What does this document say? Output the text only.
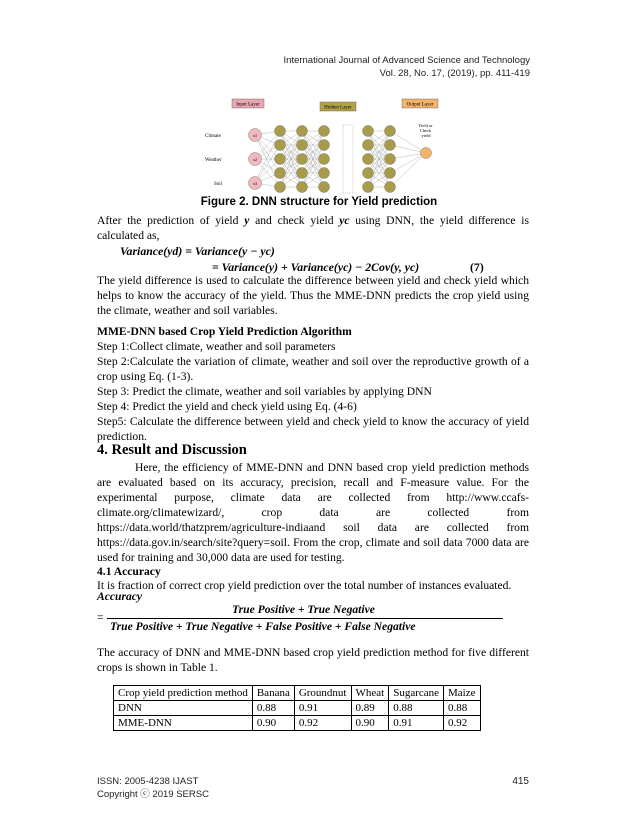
International Journal of Advanced Science and Technology
Vol. 28, No. 17, (2019), pp. 411-419
Input Layer
Hidden Layer
Output Layer
Climate
Weather
Soil
Yield or Check yield
x1
x2
x3
Figure 2. DNN structure for Yield prediction
After the prediction of yield y and check yield yc using DNN, the yield difference is calculated as,
Variance(yd) = Variance(y − yc)
= Variance(y) + Variance(yc) − 2Cov(y, yc)	(7)
The yield difference is used to calculate the difference between yield and check yield which helps to know the accuracy of the yield. Thus the MME-DNN predicts the crop yield using the climate, weather and soil variables.
MME-DNN based Crop Yield Prediction Algorithm
Step 1:Collect climate, weather and soil parameters
Step 2:Calculate the variation of climate, weather and soil over the reproductive growth of a crop using Eq. (1-3).
Step 3: Predict the climate, weather and soil variables by applying DNN
Step 4: Predict the yield and check yield using Eq. (4-6)
Step5: Calculate the difference between yield and check yield to know the accuracy of yield prediction.
4. Result and Discussion
Here, the efficiency of MME-DNN and DNN based crop yield prediction methods are evaluated based on its accuracy, precision, recall and F-measure value. For the experimental purpose, climate data are collected from http://www.ccafs-climate.org/climatewizard/, crop data are collected from https://data.world/thatzprem/agriculture-indiaand soil data are collected from https://data.gov.in/search/site?query=soil. From the crop, climate and soil data 7000 data are used for training and 30,000 data are used for testing.
4.1 Accuracy
It is fraction of correct crop yield prediction over the total number of instances evaluated.
Accuracy
=
True Positive + True Negative
True Positive + True Negative + False Positive + False Negative
The accuracy of DNN and MME-DNN based crop yield prediction method for five different crops is shown in Table 1.
Crop yield prediction method	Banana	Groundnut	Wheat	Sugarcane	Maize
DNN	0.88	0.91	0.89	0.88	0.88
MME-DNN	0.90	0.92	0.90	0.91	0.92
ISSN: 2005-4238 IJAST
Copyright ⓒ 2019 SERSC
415
